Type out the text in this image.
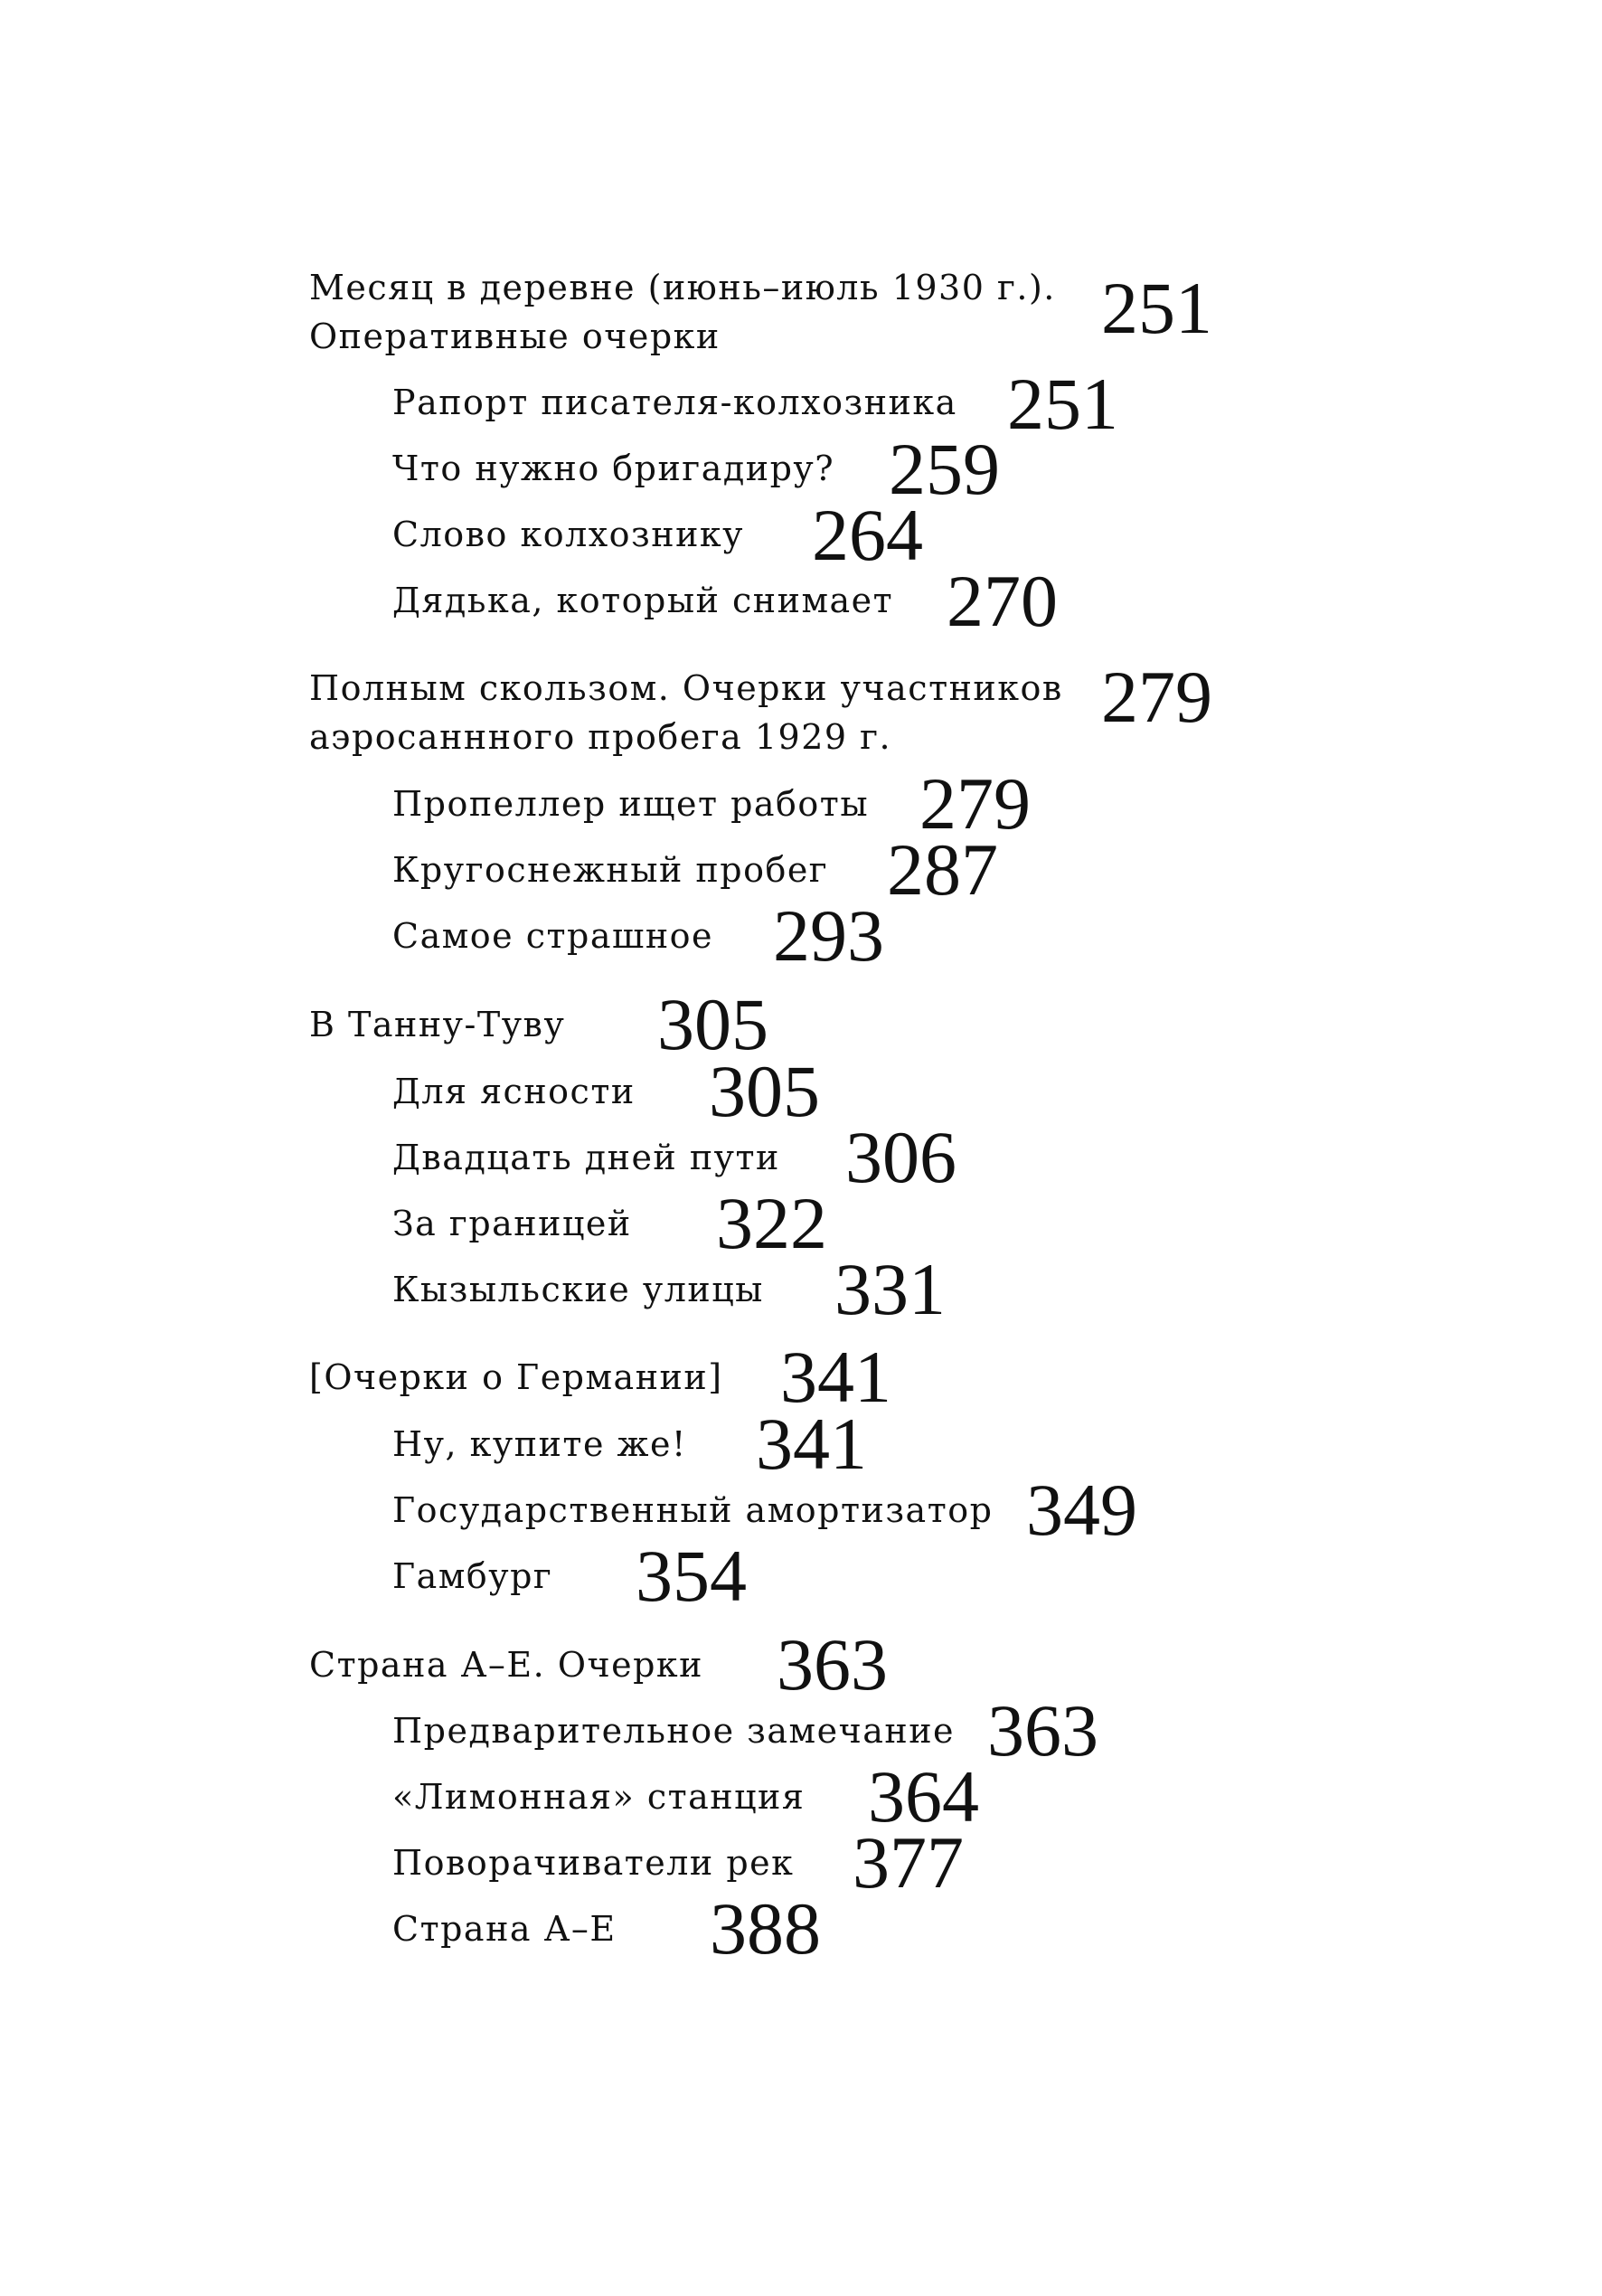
Месяц в деревне (июнь–июль 1930 г.).
Оперативные очерки	251
Рапорт писателя-колхозника 251
Что нужно бригадиру? 259
Слово колхознику 264
Дядька, который снимает 270
Полным скользом. Очерки участников
аэросаннного пробега 1929 г.	279
Пропеллер ищет работы 279
Кругоснежный пробег 287
Самое страшное 293
В Танну-Туву 305
Для ясности 305
Двадцать дней пути 306
За границей 322
Кызыльские улицы 331
[Очерки о Германии] 341
Ну, купите же! 341
Государственный амортизатор 349
Гамбург 354
Страна А–Е. Очерки 363
Предварительное замечание 363
«Лимонная» станция 364
Поворачиватели рек 377
Страна А–Е 388
